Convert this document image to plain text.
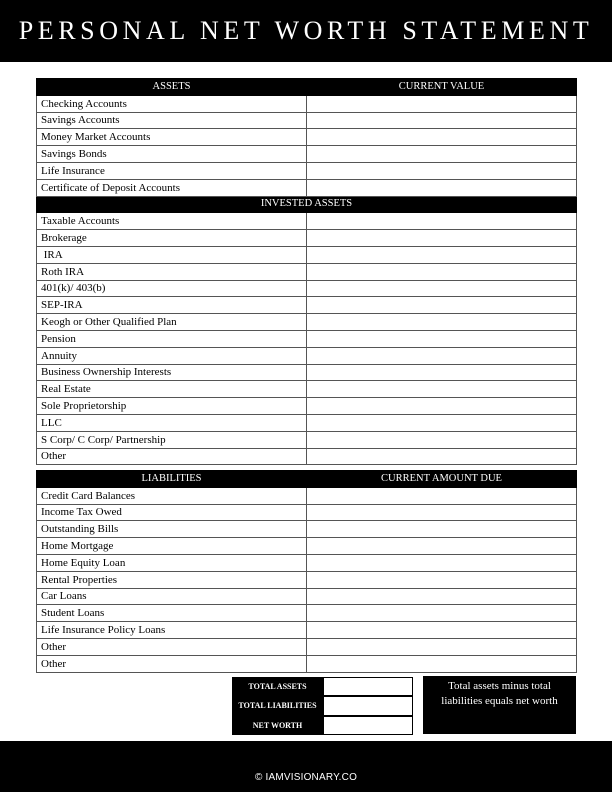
PERSONAL NET WORTH STATEMENT
ASSETS	CURRENT VALUE
Checking Accounts	
Savings Accounts	
Money Market Accounts	
Savings Bonds	
Life Insurance	
Certificate of Deposit Accounts	
INVESTED ASSETS	
Taxable Accounts	
Brokerage	
IRA	
Roth IRA	
401(k)/ 403(b)	
SEP-IRA	
Keogh or Other Qualified Plan	
Pension	
Annuity	
Business Ownership Interests	
Real Estate	
Sole Proprietorship	
LLC	
S Corp/ C Corp/ Partnership	
Other	
LIABILITIES	CURRENT AMOUNT DUE
Credit Card Balances	
Income Tax Owed	
Outstanding Bills	
Home Mortgage	
Home Equity Loan	
Rental Properties	
Car Loans	
Student Loans	
Life Insurance Policy Loans	
Other	
Other	
TOTAL ASSETS
TOTAL LIABILITIES
NET WORTH
Total assets minus total liabilities equals net worth
© IAMVISIONARY.CO
